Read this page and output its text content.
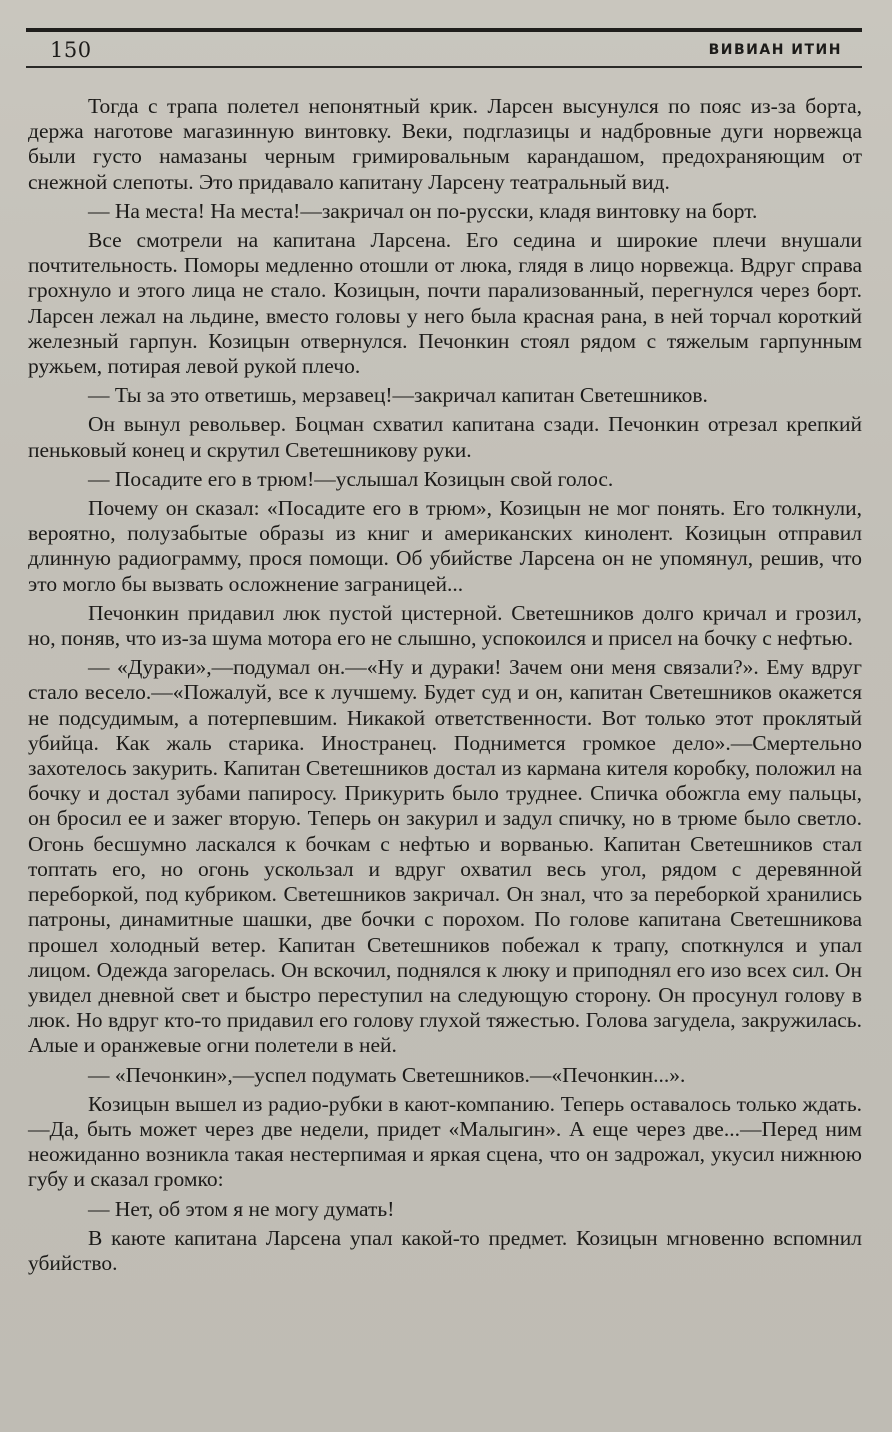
150	ВИВИАН ИТИН

Тогда с трапа полетел непонятный крик. Ларсен высунулся по пояс из-за борта, держа наготове магазинную винтовку. Веки, подглазицы и надбровные дуги норвежца были густо намазаны черным гримировальным карандашом, предохраняющим от снежной слепоты. Это придавало капитану Ларсену театральный вид.

— На места! На места!—закричал он по-русски, кладя винтовку на борт.

Все смотрели на капитана Ларсена. Его седина и широкие плечи внушали почтительность. Поморы медленно отошли от люка, глядя в лицо норвежца. Вдруг справа грохнуло и этого лица не стало. Козицын, почти парализованный, перегнулся через борт. Ларсен лежал на льдине, вместо головы у него была красная рана, в ней торчал короткий железный гарпун. Козицын отвернулся. Печонкин стоял рядом с тяжелым гарпунным ружьем, потирая левой рукой плечо.

— Ты за это ответишь, мерзавец!—закричал капитан Светешников.

Он вынул револьвер. Боцман схватил капитана сзади. Печонкин отрезал крепкий пеньковый конец и скрутил Светешникову руки.

— Посадите его в трюм!—услышал Козицын свой голос.

Почему он сказал: «Посадите его в трюм», Козицын не мог понять. Его толкнули, вероятно, полузабытые образы из книг и американских кинолент. Козицын отправил длинную радиограмму, прося помощи. Об убийстве Ларсена он не упомянул, решив, что это могло бы вызвать осложнение заграницей...

Печонкин придавил люк пустой цистерной. Светешников долго кричал и грозил, но, поняв, что из-за шума мотора его не слышно, успокоился и присел на бочку с нефтью.

— «Дураки»,—подумал он.—«Ну и дураки! Зачем они меня связали?». Ему вдруг стало весело.—«Пожалуй, все к лучшему. Будет суд и он, капитан Светешников окажется не подсудимым, а потерпевшим. Никакой ответственности. Вот только этот проклятый убийца. Как жаль старика. Иностранец. Поднимется громкое дело».—Смертельно захотелось закурить. Капитан Светешников достал из кармана кителя коробку, положил на бочку и достал зубами папиросу. Прикурить было труднее. Спичка обожгла ему пальцы, он бросил ее и зажег вторую. Теперь он закурил и задул спичку, но в трюме было светло. Огонь бесшумно ласкался к бочкам с нефтью и ворванью. Капитан Светешников стал топтать его, но огонь ускользал и вдруг охватил весь угол, рядом с деревянной переборкой, под кубриком. Светешников закричал. Он знал, что за переборкой хранились патроны, динамитные шашки, две бочки с порохом. По голове капитана Светешникова прошел холодный ветер. Капитан Светешников побежал к трапу, споткнулся и упал лицом. Одежда загорелась. Он вскочил, поднялся к люку и приподнял его изо всех сил. Он увидел дневной свет и быстро переступил на следующую сторону. Он просунул голову в люк. Но вдруг кто-то придавил его голову глухой тяжестью. Голова загудела, закружилась. Алые и оранжевые огни полетели в ней.

— «Печонкин»,—успел подумать Светешников.—«Печонкин...».

Козицын вышел из радио-рубки в кают-компанию. Теперь оставалось только ждать.—Да, быть может через две недели, придет «Малыгин». А еще через две...—Перед ним неожиданно возникла такая нестерпимая и яркая сцена, что он задрожал, укусил нижнюю губу и сказал громко:

— Нет, об этом я не могу думать!

В каюте капитана Ларсена упал какой-то предмет. Козицын мгновенно вспомнил убийство.
